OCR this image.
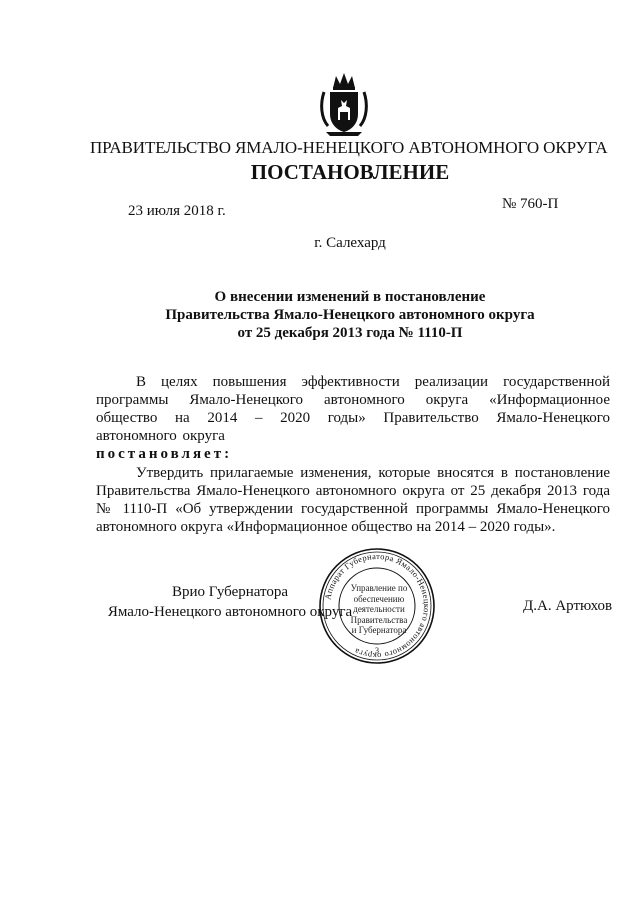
ПРАВИТЕЛЬСТВО ЯМАЛО-НЕНЕЦКОГО АВТОНОМНОГО ОКРУГА
ПОСТАНОВЛЕНИЕ
23 июля 2018 г.	№ 760-П
г. Салехард
О внесении изменений в постановление
Правительства Ямало-Ненецкого автономного округа
от 25 декабря 2013 года № 1110-П
В целях повышения эффективности реализации государственной программы Ямало-Ненецкого автономного округа «Информационное общество на 2014 – 2020 годы» Правительство Ямало-Ненецкого автономного округа
постановляет:
Утвердить прилагаемые изменения, которые вносятся в постановление Правительства Ямало-Ненецкого автономного округа от 25 декабря 2013 года № 1110-П «Об утверждении государственной программы Ямало-Ненецкого автономного округа «Информационное общество на 2014 – 2020 годы».
Врио Губернатора
Ямало-Ненецкого автономного округа
Аппарат Губернатора Ямало-Ненецкого автономного округа	3
Управление по
обеспечению
деятельности
Правительства
и Губернатора
Д.А. Артюхов
